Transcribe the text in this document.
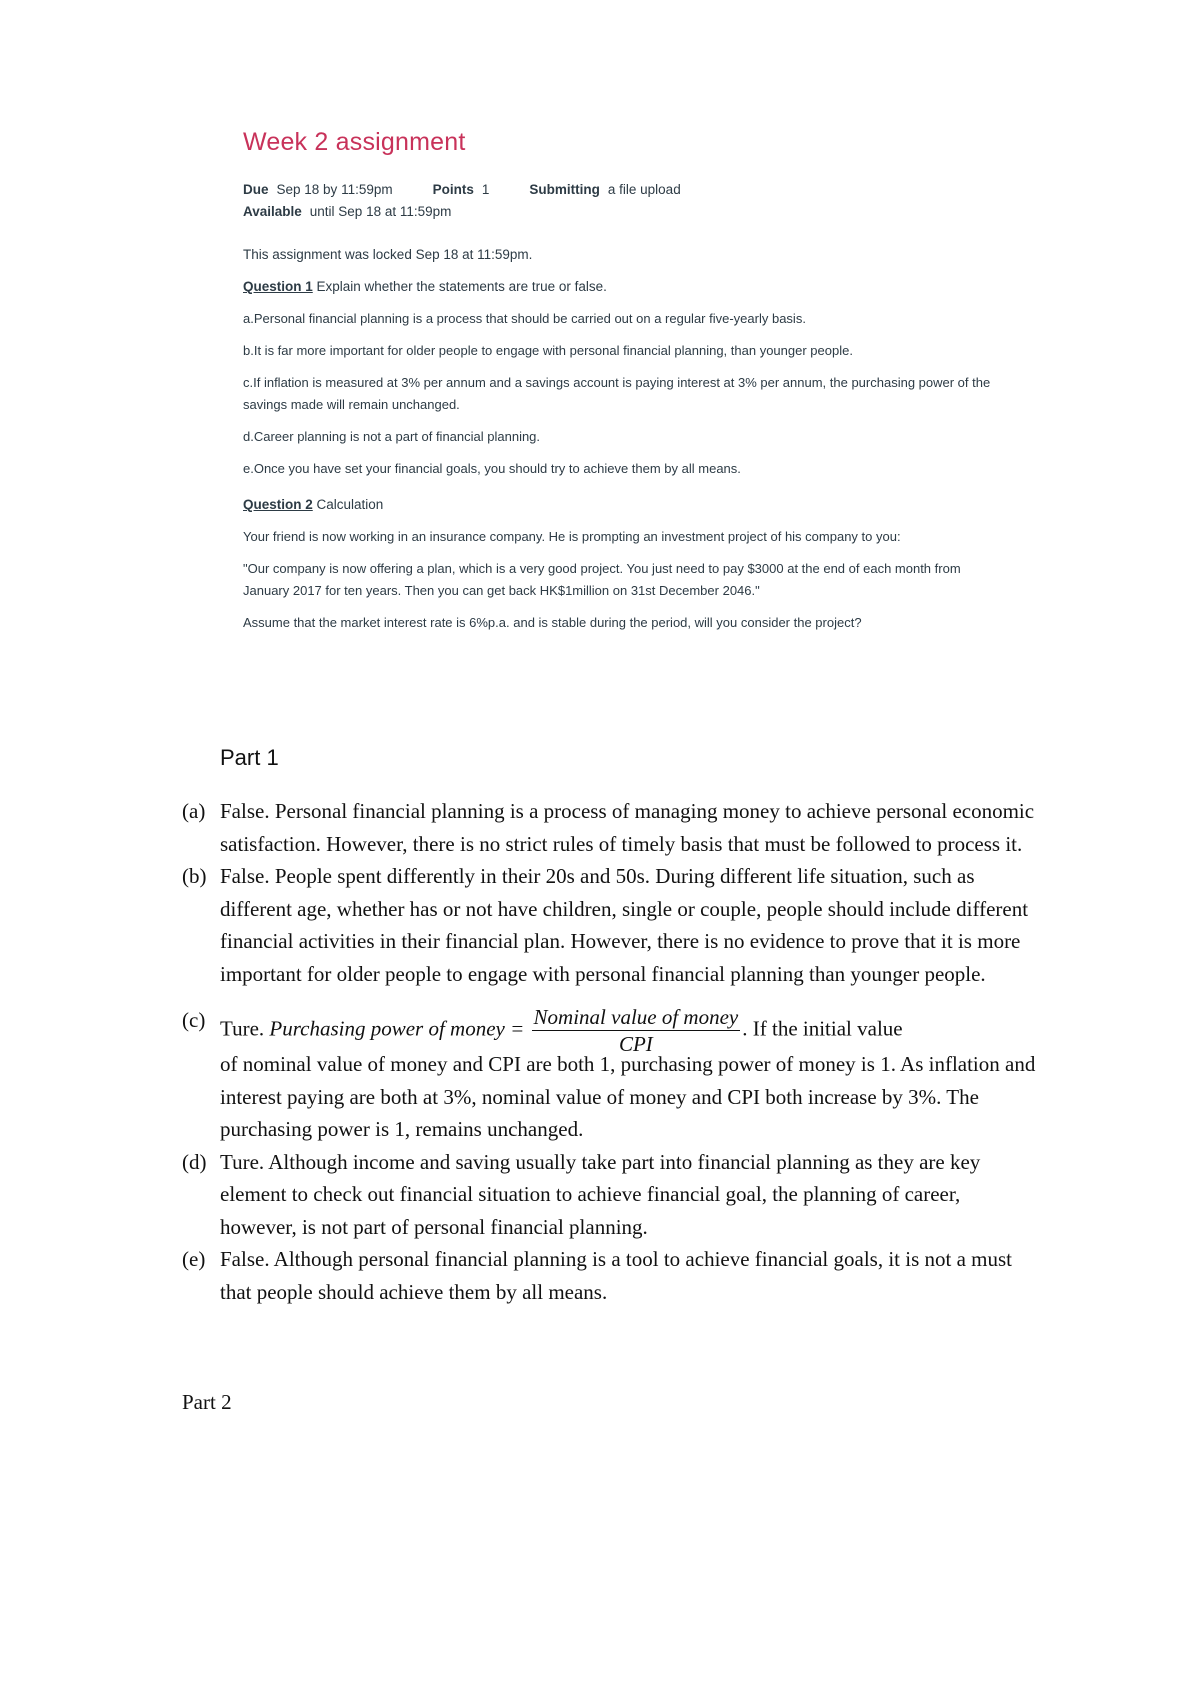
Week 2 assignment
Due Sep 18 by 11:59pm	Points 1	Submitting a file upload
Available until Sep 18 at 11:59pm
This assignment was locked Sep 18 at 11:59pm.
Question 1 Explain whether the statements are true or false.
a.Personal financial planning is a process that should be carried out on a regular five-yearly basis.
b.It is far more important for older people to engage with personal financial planning, than younger people.
c.If inflation is measured at 3% per annum and a savings account is paying interest at 3% per annum, the purchasing power of the savings made will remain unchanged.
d.Career planning is not a part of financial planning.
e.Once you have set your financial goals, you should try to achieve them by all means.
Question 2 Calculation
Your friend is now working in an insurance company. He is prompting an investment project of his company to you:
"Our company is now offering a plan, which is a very good project. You just need to pay $3000 at the end of each month from January 2017 for ten years. Then you can get back HK$1million on 31st December 2046."
Assume that the market interest rate is 6%p.a. and is stable during the period, will you consider the project?
Part 1
(a) False. Personal financial planning is a process of managing money to achieve personal economic satisfaction. However, there is no strict rules of timely basis that must be followed to process it.
(b) False. People spent differently in their 20s and 50s. During different life situation, such as different age, whether has or not have children, single or couple, people should include different financial activities in their financial plan. However, there is no evidence to prove that it is more important for older people to engage with personal financial planning than younger people.
(c) Ture. Purchasing power of money = $\frac{\text{Nominal value of money}}{\text{CPI}}$ . If the initial value
of nominal value of money and CPI are both 1, purchasing power of money is 1. As inflation and interest paying are both at 3%, nominal value of money and CPI both increase by 3%. The purchasing power is 1, remains unchanged.
(d) Ture. Although income and saving usually take part into financial planning as they are key element to check out financial situation to achieve financial goal, the planning of career, however, is not part of personal financial planning.
(e) False. Although personal financial planning is a tool to achieve financial goals, it is not a must that people should achieve them by all means.
Part 2
